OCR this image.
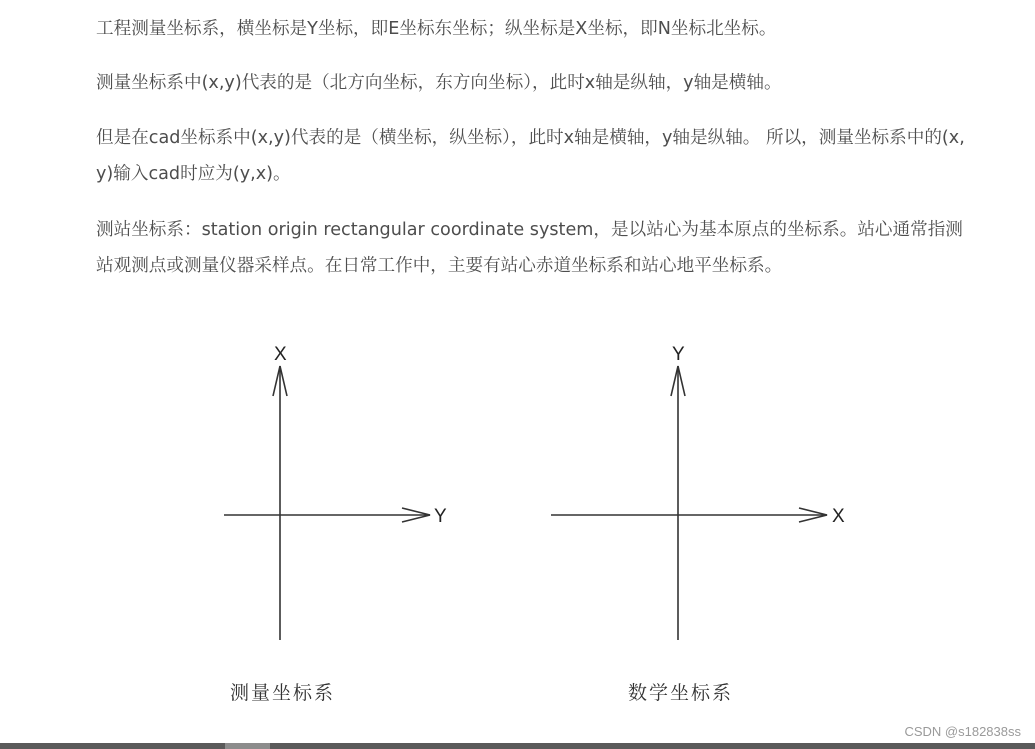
工程测量坐标系，横坐标是Y坐标，即E坐标东坐标；纵坐标是X坐标，即N坐标北坐标。

测量坐标系中(x,y)代表的是（北方向坐标，东方向坐标），此时x轴是纵轴，y轴是横轴。

但是在cad坐标系中(x,y)代表的是（横坐标，纵坐标），此时x轴是横轴，y轴是纵轴。 所以，测量坐标系中的(x,y)输入cad时应为(y,x)。

测站坐标系：station origin rectangular coordinate system，是以站心为基本原点的坐标系。站心通常指测站观测点或测量仪器采样点。在日常工作中，主要有站心赤道坐标系和站心地平坐标系。

X
Y
Y
X
测量坐标系	数学坐标系
CSDN @s182838ss
